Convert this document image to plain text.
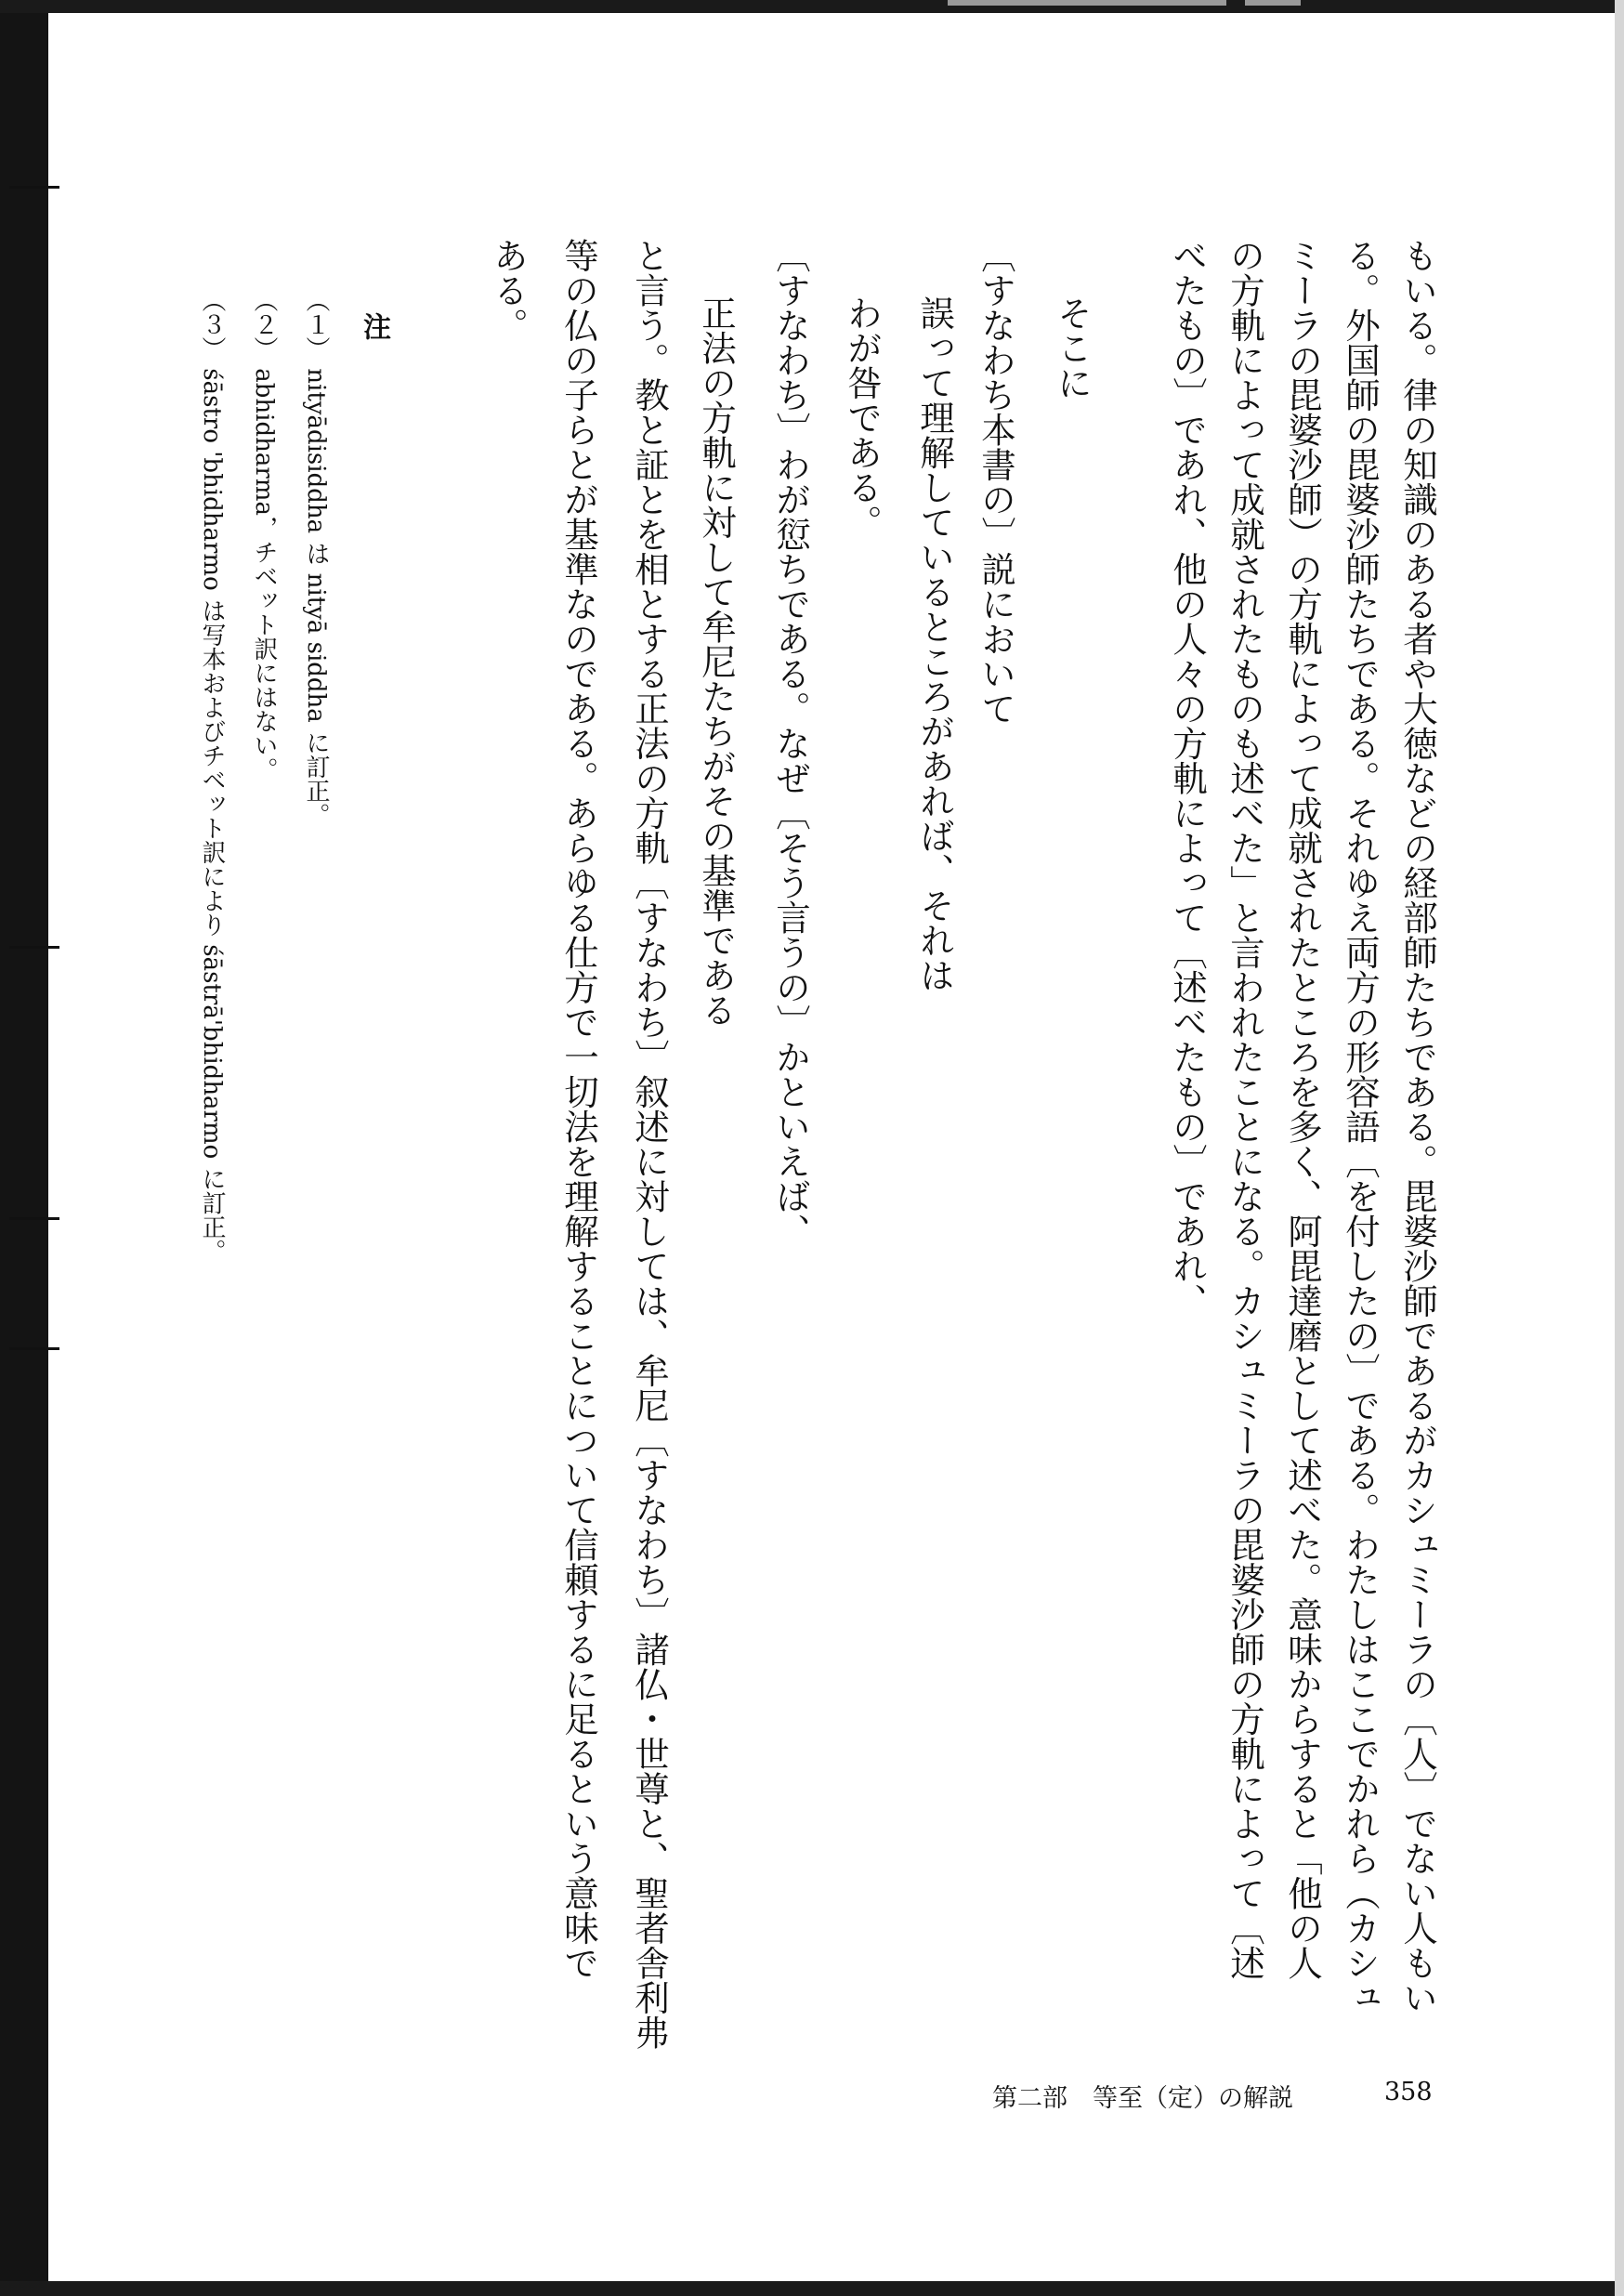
もいる。律の知識のある者や大徳などの経部師たちである。毘婆沙師であるがカシュミーラの〔人〕でない人もい
る。外国師の毘婆沙師たちである。それゆえ両方の形容語〔を付したの〕である。わたしはここでかれら（カシュ
ミーラの毘婆沙師）の方軌によって成就されたところを多く、阿毘達磨として述べた。意味からすると「他の人
の方軌によって成就されたものも述べた」と言われたことになる。カシュミーラの毘婆沙師の方軌によって〔述
べたもの〕であれ、他の人々の方軌によって〔述べたもの〕であれ、
そこに
誤って理解しているところがあれば、それは 〔すなわち本書の〕説において
わが咎である。
〔すなわち〕わが愆ちである。なぜ〔そう言うの〕かといえば、
正法の方軌に対して牟尼たちがその基準である
と言う。教と証とを相とする正法の方軌〔すなわち〕叙述に対しては、牟尼〔すなわち〕諸仏・世尊と、聖者舎利弗
等の仏の子らとが基準なのである。あらゆる仕方で一切法を理解することについて信頼するに足るという意味で
ある。
注
（１） nityādisiddha は nityā siddha に訂正。
（２） abhidharma，チベット訳にはない。
（３） śāstro 'bhidharmo は写本およびチベット訳により śāstrā'bhidharmo に訂正。
第二部　等至（定）の解説	358
